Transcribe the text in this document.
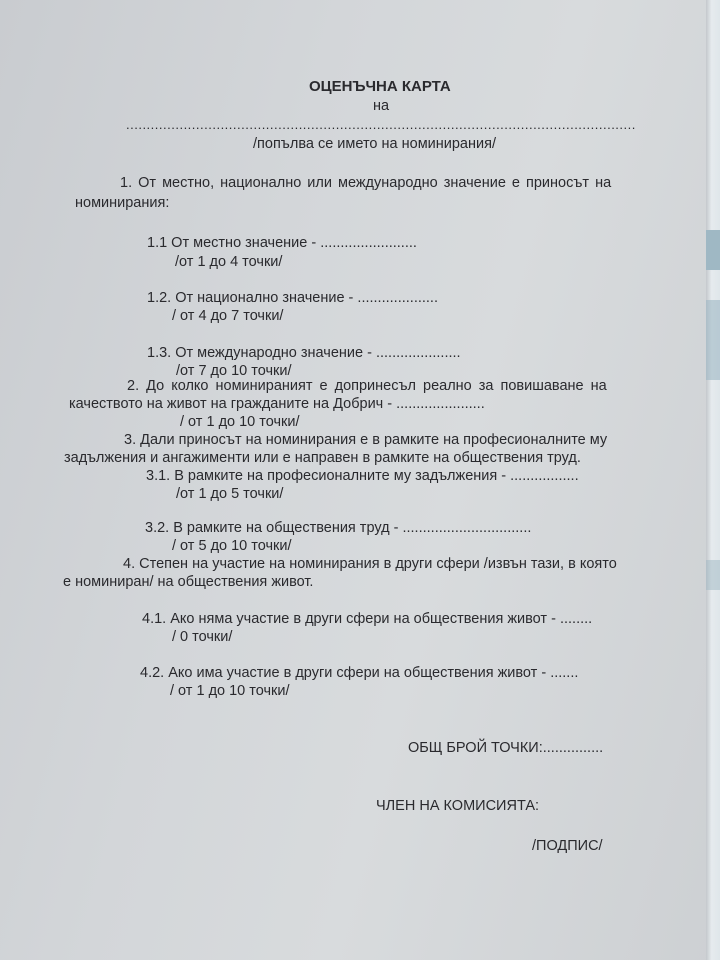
ОЦЕНЪЧНА КАРТА
на
............................................................................................................................
/попълва се името на номинирания/
1. От местно, национално или международно значение е приносът на
номинирания:
1.1 От местно значение - ........................
/от 1 до 4 точки/
1.2. От национално значение - ....................
/ от 4 до 7 точки/
1.3. От международно значение - .....................
/от 7 до 10 точки/
2. До колко номинираният е допринесъл реално за повишаване на
качеството на живот на гражданите на Добрич - ......................
/ от 1 до 10 точки/
3. Дали приносът на номинирания е в рамките на професионалните му
задължения и ангажименти или е направен в рамките на обществения труд.
3.1. В рамките на професионалните му задължения - .................
/от 1 до 5 точки/
3.2. В рамките на обществения труд - ................................
/ от 5 до 10 точки/
4. Степен на участие на номинирания в други сфери /извън тази, в която
е номиниран/ на обществения живот.
4.1. Ако няма участие в други сфери на обществения живот - ........
/ 0 точки/
4.2. Ако има участие в други сфери на обществения живот - .......
/ от 1 до 10 точки/
ОБЩ БРОЙ ТОЧКИ:...............
ЧЛЕН НА КОМИСИЯТА:
/ПОДПИС/
